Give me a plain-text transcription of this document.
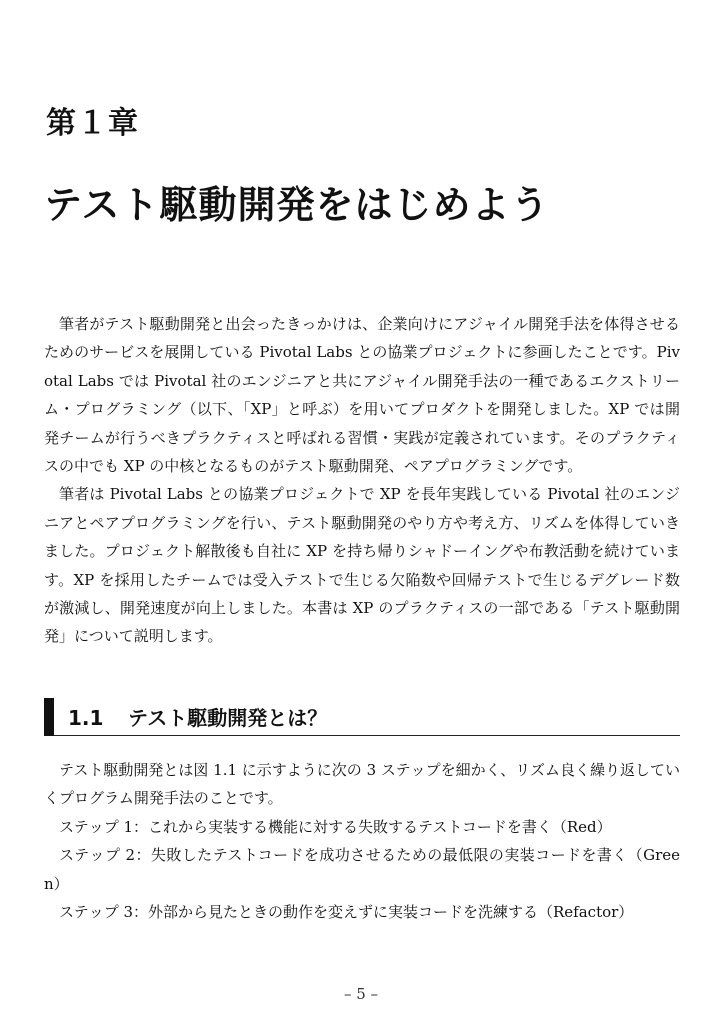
第１章
テスト駆動開発をはじめよう

筆者がテスト駆動開発と出会ったきっかけは、企業向けにアジャイル開発手法を体得させるためのサービスを展開している Pivotal Labs との協業プロジェクトに参画したことです。Pivotal Labs では Pivotal 社のエンジニアと共にアジャイル開発手法の一種であるエクストリーム・プログラミング（以下、「XP」と呼ぶ）を用いてプロダクトを開発しました。XP では開発チームが行うべきプラクティスと呼ばれる習慣・実践が定義されています。そのプラクティスの中でも XP の中核となるものがテスト駆動開発、ペアプログラミングです。

筆者は Pivotal Labs との協業プロジェクトで XP を長年実践している Pivotal 社のエンジニアとペアプログラミングを行い、テスト駆動開発のやり方や考え方、リズムを体得していきました。プロジェクト解散後も自社に XP を持ち帰りシャドーイングや布教活動を続けています。XP を採用したチームでは受入テストで生じる欠陥数や回帰テストで生じるデグレード数が激減し、開発速度が向上しました。本書は XP のプラクティスの一部である「テスト駆動開発」について説明します。

1.1 テスト駆動開発とは？

テスト駆動開発とは図 1.1 に示すように次の 3 ステップを細かく、リズム良く繰り返していくプログラム開発手法のことです。

ステップ 1：これから実装する機能に対する失敗するテストコードを書く（Red）

ステップ 2：失敗したテストコードを成功させるための最低限の実装コードを書く（Green）

ステップ 3：外部から見たときの動作を変えずに実装コードを洗練する（Refactor）

– 5 –
